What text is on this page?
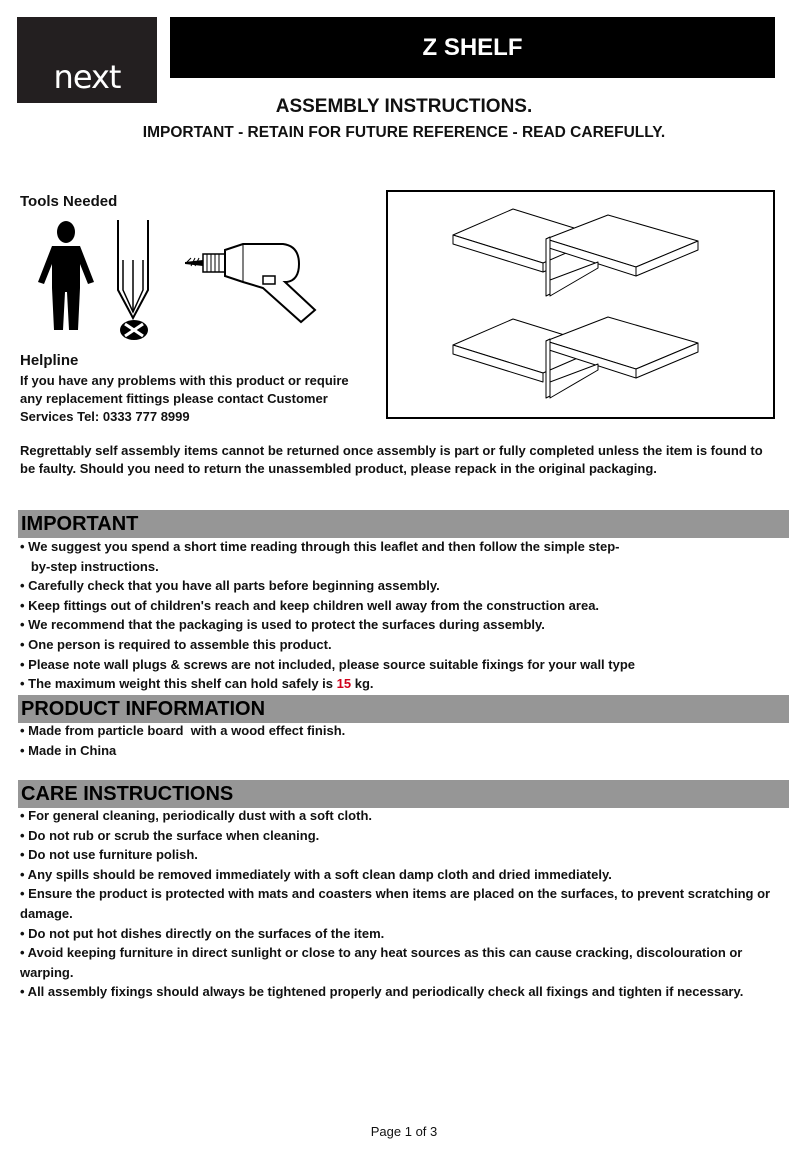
next
Z SHELF
ASSEMBLY INSTRUCTIONS.
IMPORTANT - RETAIN FOR FUTURE REFERENCE - READ CAREFULLY.
Tools Needed
Helpline
If you have any problems with this product or require
any replacement fittings please contact Customer
Services Tel: 0333 777 8999
Regrettably self assembly items cannot be returned once assembly is part or fully completed unless the item is found to
be faulty. Should you need to return the unassembled product, please repack in the original packaging.
IMPORTANT
• We suggest you spend a short time reading through this leaflet and then follow the simple step-
by-step instructions.
• Carefully check that you have all parts before beginning assembly.
• Keep fittings out of children's reach and keep children well away from the construction area.
• We recommend that the packaging is used to protect the surfaces during assembly.
• One person is required to assemble this product.
• Please note wall plugs & screws are not included, please source suitable fixings for your wall type
• The maximum weight this shelf can hold safely is 15 kg.
PRODUCT INFORMATION
• Made from particle board  with a wood effect finish.
• Made in China
CARE INSTRUCTIONS
• For general cleaning, periodically dust with a soft cloth.
• Do not rub or scrub the surface when cleaning.
• Do not use furniture polish.
• Any spills should be removed immediately with a soft clean damp cloth and dried immediately.
• Ensure the product is protected with mats and coasters when items are placed on the surfaces, to prevent scratching or
damage.
• Do not put hot dishes directly on the surfaces of the item.
• Avoid keeping furniture in direct sunlight or close to any heat sources as this can cause cracking, discolouration or
warping.
• All assembly fixings should always be tightened properly and periodically check all fixings and tighten if necessary.
Page 1 of 3
